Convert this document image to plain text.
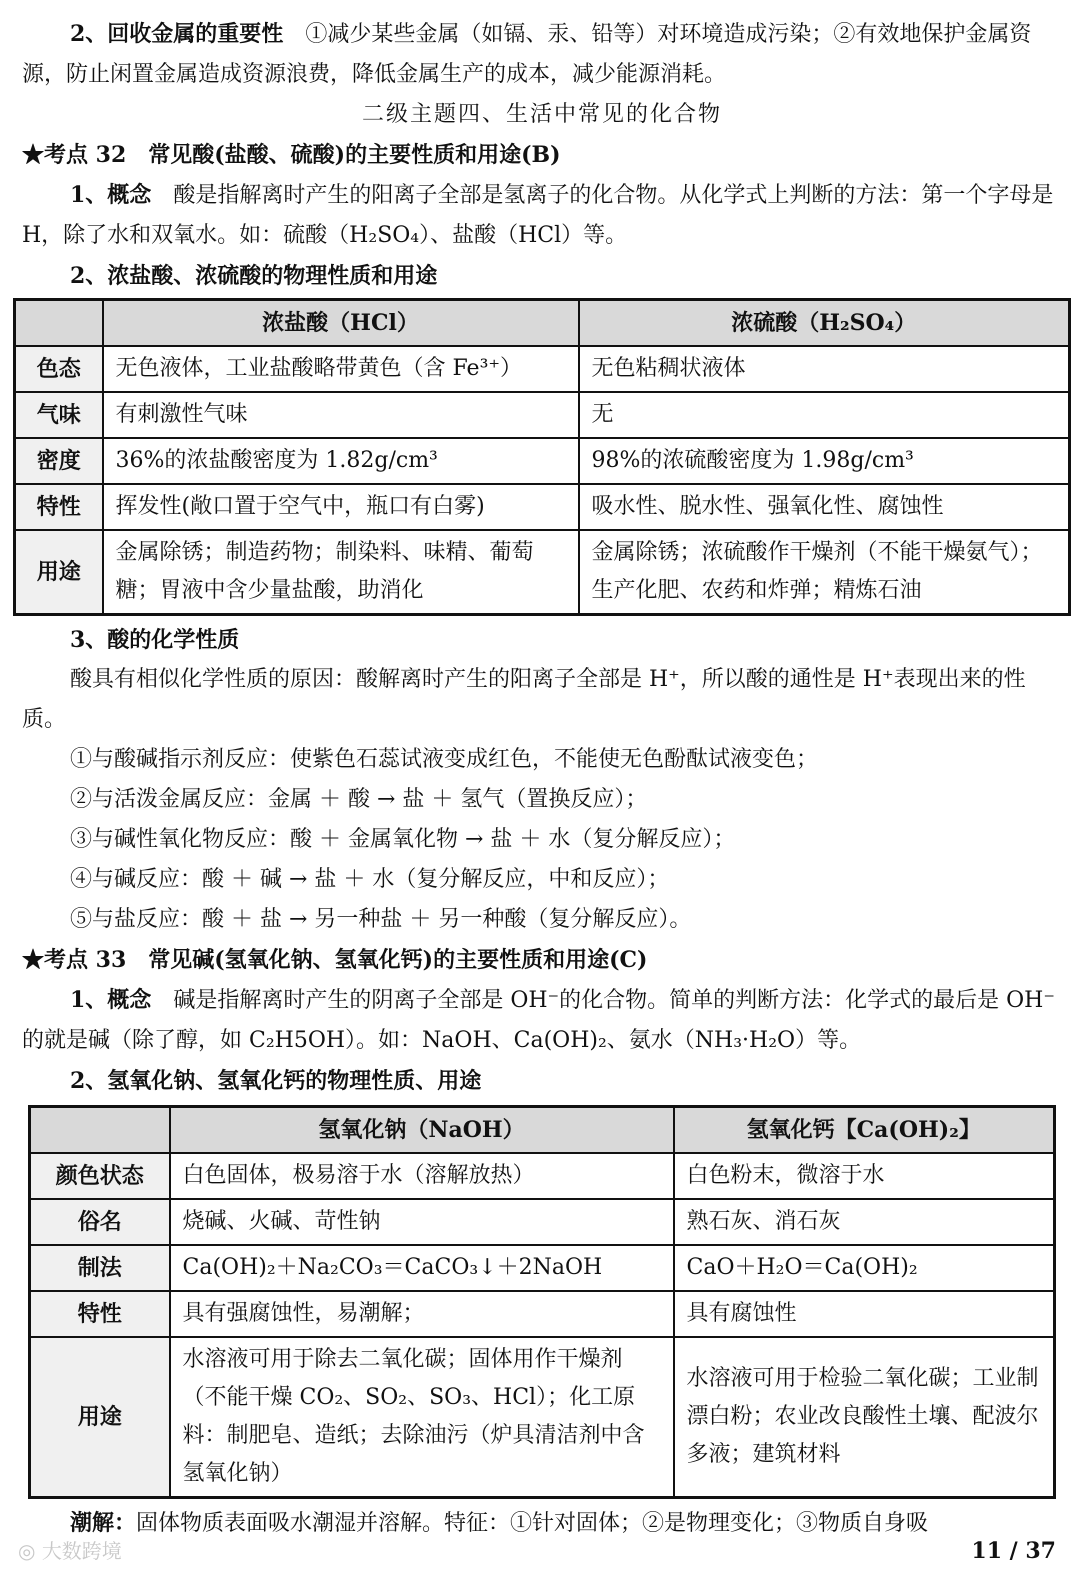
2、回收金属的重要性　 ①减少某些金属（如镉、汞、铅等）对环境造成污染；②有效地保护金属资源，防止闲置金属造成资源浪费，降低金属生产的成本，减少能源消耗。

二级主题四、生活中常见的化合物

★考点 32　常见酸(盐酸、硫酸)的主要性质和用途(B)

1、概念　 酸是指解离时产生的阳离子全部是氢离子的化合物。从化学式上判断的方法：第一个字母是 H，除了水和双氧水。如：硫酸（H₂SO₄）、盐酸（HCl）等。

2、浓盐酸、浓硫酸的物理性质和用途

	浓盐酸（HCl）	浓硫酸（H₂SO₄）
色态	无色液体，工业盐酸略带黄色（含 Fe³⁺）	无色粘稠状液体
气味	有刺激性气味	无
密度	36%的浓盐酸密度为 1.82g/cm³	98%的浓硫酸密度为 1.98g/cm³
特性	挥发性(敞口置于空气中，瓶口有白雾)	吸水性、脱水性、强氧化性、腐蚀性
用途	金属除锈；制造药物；制染料、味精、葡萄糖；胃液中含少量盐酸，助消化	金属除锈；浓硫酸作干燥剂（不能干燥氨气）；生产化肥、农药和炸弹；精炼石油

3、酸的化学性质

酸具有相似化学性质的原因：酸解离时产生的阳离子全部是 H⁺，所以酸的通性是 H⁺表现出来的性质。

①与酸碱指示剂反应：使紫色石蕊试液变成红色，不能使无色酚酞试液变色；

②与活泼金属反应：金属 ＋ 酸 → 盐 ＋ 氢气（置换反应）；

③与碱性氧化物反应：酸 ＋ 金属氧化物 → 盐 ＋ 水（复分解反应）；

④与碱反应：酸 ＋ 碱 → 盐 ＋ 水（复分解反应，中和反应）；

⑤与盐反应：酸 ＋ 盐 → 另一种盐 ＋ 另一种酸（复分解反应）。

★考点 33　常见碱(氢氧化钠、氢氧化钙)的主要性质和用途(C)

1、概念　 碱是指解离时产生的阴离子全部是 OH⁻的化合物。简单的判断方法：化学式的最后是 OH⁻的就是碱（除了醇，如 C₂H5OH）。如：NaOH、Ca(OH)₂、氨水（NH₃·H₂O）等。

2、氢氧化钠、氢氧化钙的物理性质、用途

	氢氧化钠（NaOH）	氢氧化钙【Ca(OH)₂】
颜色状态	白色固体，极易溶于水（溶解放热）	白色粉末，微溶于水
俗名	烧碱、火碱、苛性钠	熟石灰、消石灰
制法	Ca(OH)₂＋Na₂CO₃＝CaCO₃↓＋2NaOH	CaO＋H₂O＝Ca(OH)₂
特性	具有强腐蚀性，易潮解；	具有腐蚀性
用途	水溶液可用于除去二氧化碳；固体用作干燥剂（不能干燥 CO₂、SO₂、SO₃、HCl）；化工原料：制肥皂、造纸；去除油污（炉具清洁剂中含氢氧化钠）	水溶液可用于检验二氧化碳；工业制漂白粉；农业改良酸性土壤、配波尔多液；建筑材料

潮解：固体物质表面吸水潮湿并溶解。特征：①针对固体；②是物理变化；③物质自身吸

◎ 大数跨境	11 / 37
